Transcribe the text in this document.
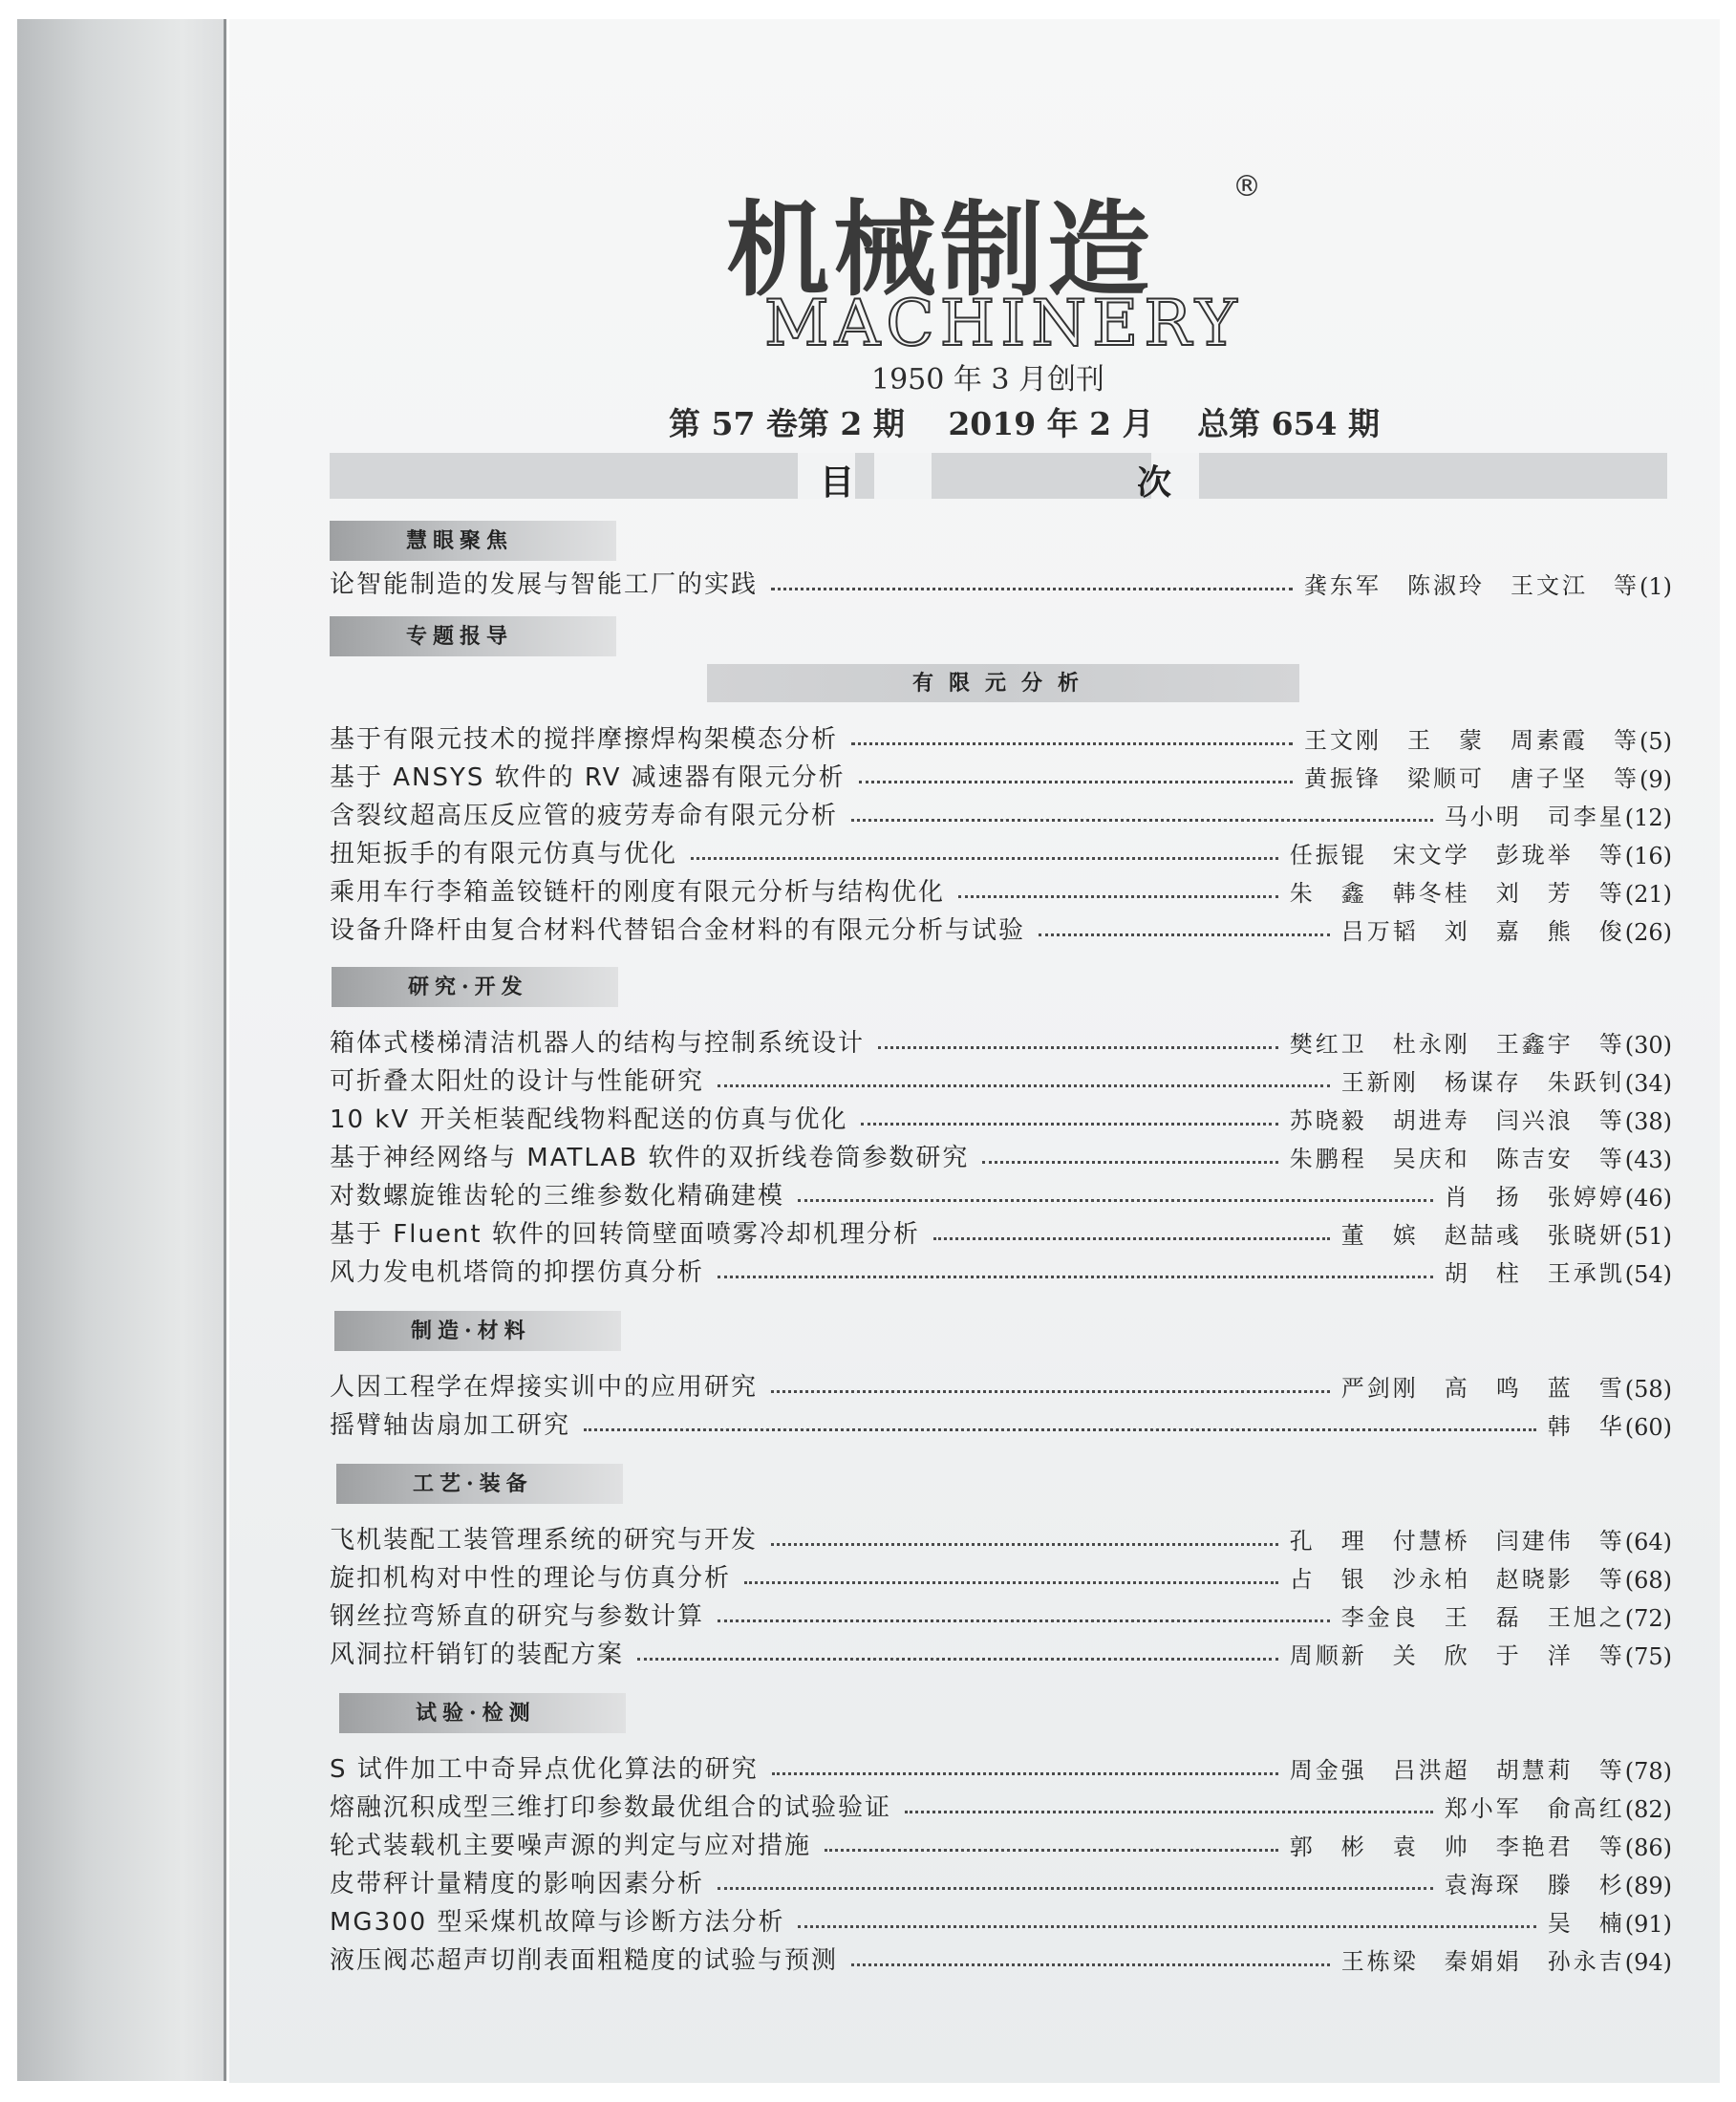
机械制造
®
MACHINERY
1950 年 3 月创刊
第 57 卷第 2 期 2019 年 2 月 总第 654 期
目	次
慧眼聚焦
论智能制造的发展与智能工厂的实践	龚东军　陈淑玲　王文江　等 (1)
专题报导
有限元分析
基于有限元技术的搅拌摩擦焊构架模态分析	王文刚　王　蒙　周素霞　等 (5)
基于 ANSYS 软件的 RV 减速器有限元分析	黄振锋　梁顺可　唐子坚　等 (9)
含裂纹超高压反应管的疲劳寿命有限元分析	马小明　司李星 (12)
扭矩扳手的有限元仿真与优化	任振锟　宋文学　彭珑举　等 (16)
乘用车行李箱盖铰链杆的刚度有限元分析与结构优化	朱　鑫　韩冬桂　刘　芳　等 (21)
设备升降杆由复合材料代替铝合金材料的有限元分析与试验	吕万韬　刘　嘉　熊　俊 (26)
研究·开发
箱体式楼梯清洁机器人的结构与控制系统设计	樊红卫　杜永刚　王鑫宇　等 (30)
可折叠太阳灶的设计与性能研究	王新刚　杨谋存　朱跃钊 (34)
10 kV 开关柜装配线物料配送的仿真与优化	苏晓毅　胡进寿　闫兴浪　等 (38)
基于神经网络与 MATLAB 软件的双折线卷筒参数研究	朱鹏程　吴庆和　陈吉安　等 (43)
对数螺旋锥齿轮的三维参数化精确建模	肖　扬　张婷婷 (46)
基于 Fluent 软件的回转筒壁面喷雾冷却机理分析	董　嫔　赵喆彧　张晓妍 (51)
风力发电机塔筒的抑摆仿真分析	胡　柱　王承凯 (54)
制造·材料
人因工程学在焊接实训中的应用研究	严剑刚　高　鸣　蓝　雪 (58)
摇臂轴齿扇加工研究	韩　华 (60)
工艺·装备
飞机装配工装管理系统的研究与开发	孔　理　付慧桥　闫建伟　等 (64)
旋扣机构对中性的理论与仿真分析	占　银　沙永柏　赵晓影　等 (68)
钢丝拉弯矫直的研究与参数计算	李金良　王　磊　王旭之 (72)
风洞拉杆销钉的装配方案	周顺新　关　欣　于　洋　等 (75)
试验·检测
S 试件加工中奇异点优化算法的研究	周金强　吕洪超　胡慧莉　等 (78)
熔融沉积成型三维打印参数最优组合的试验验证	郑小军　俞高红 (82)
轮式装载机主要噪声源的判定与应对措施	郭　彬　袁　帅　李艳君　等 (86)
皮带秤计量精度的影响因素分析	袁海琛　滕　杉 (89)
MG300 型采煤机故障与诊断方法分析	吴　楠 (91)
液压阀芯超声切削表面粗糙度的试验与预测	王栋梁　秦娟娟　孙永吉 (94)
